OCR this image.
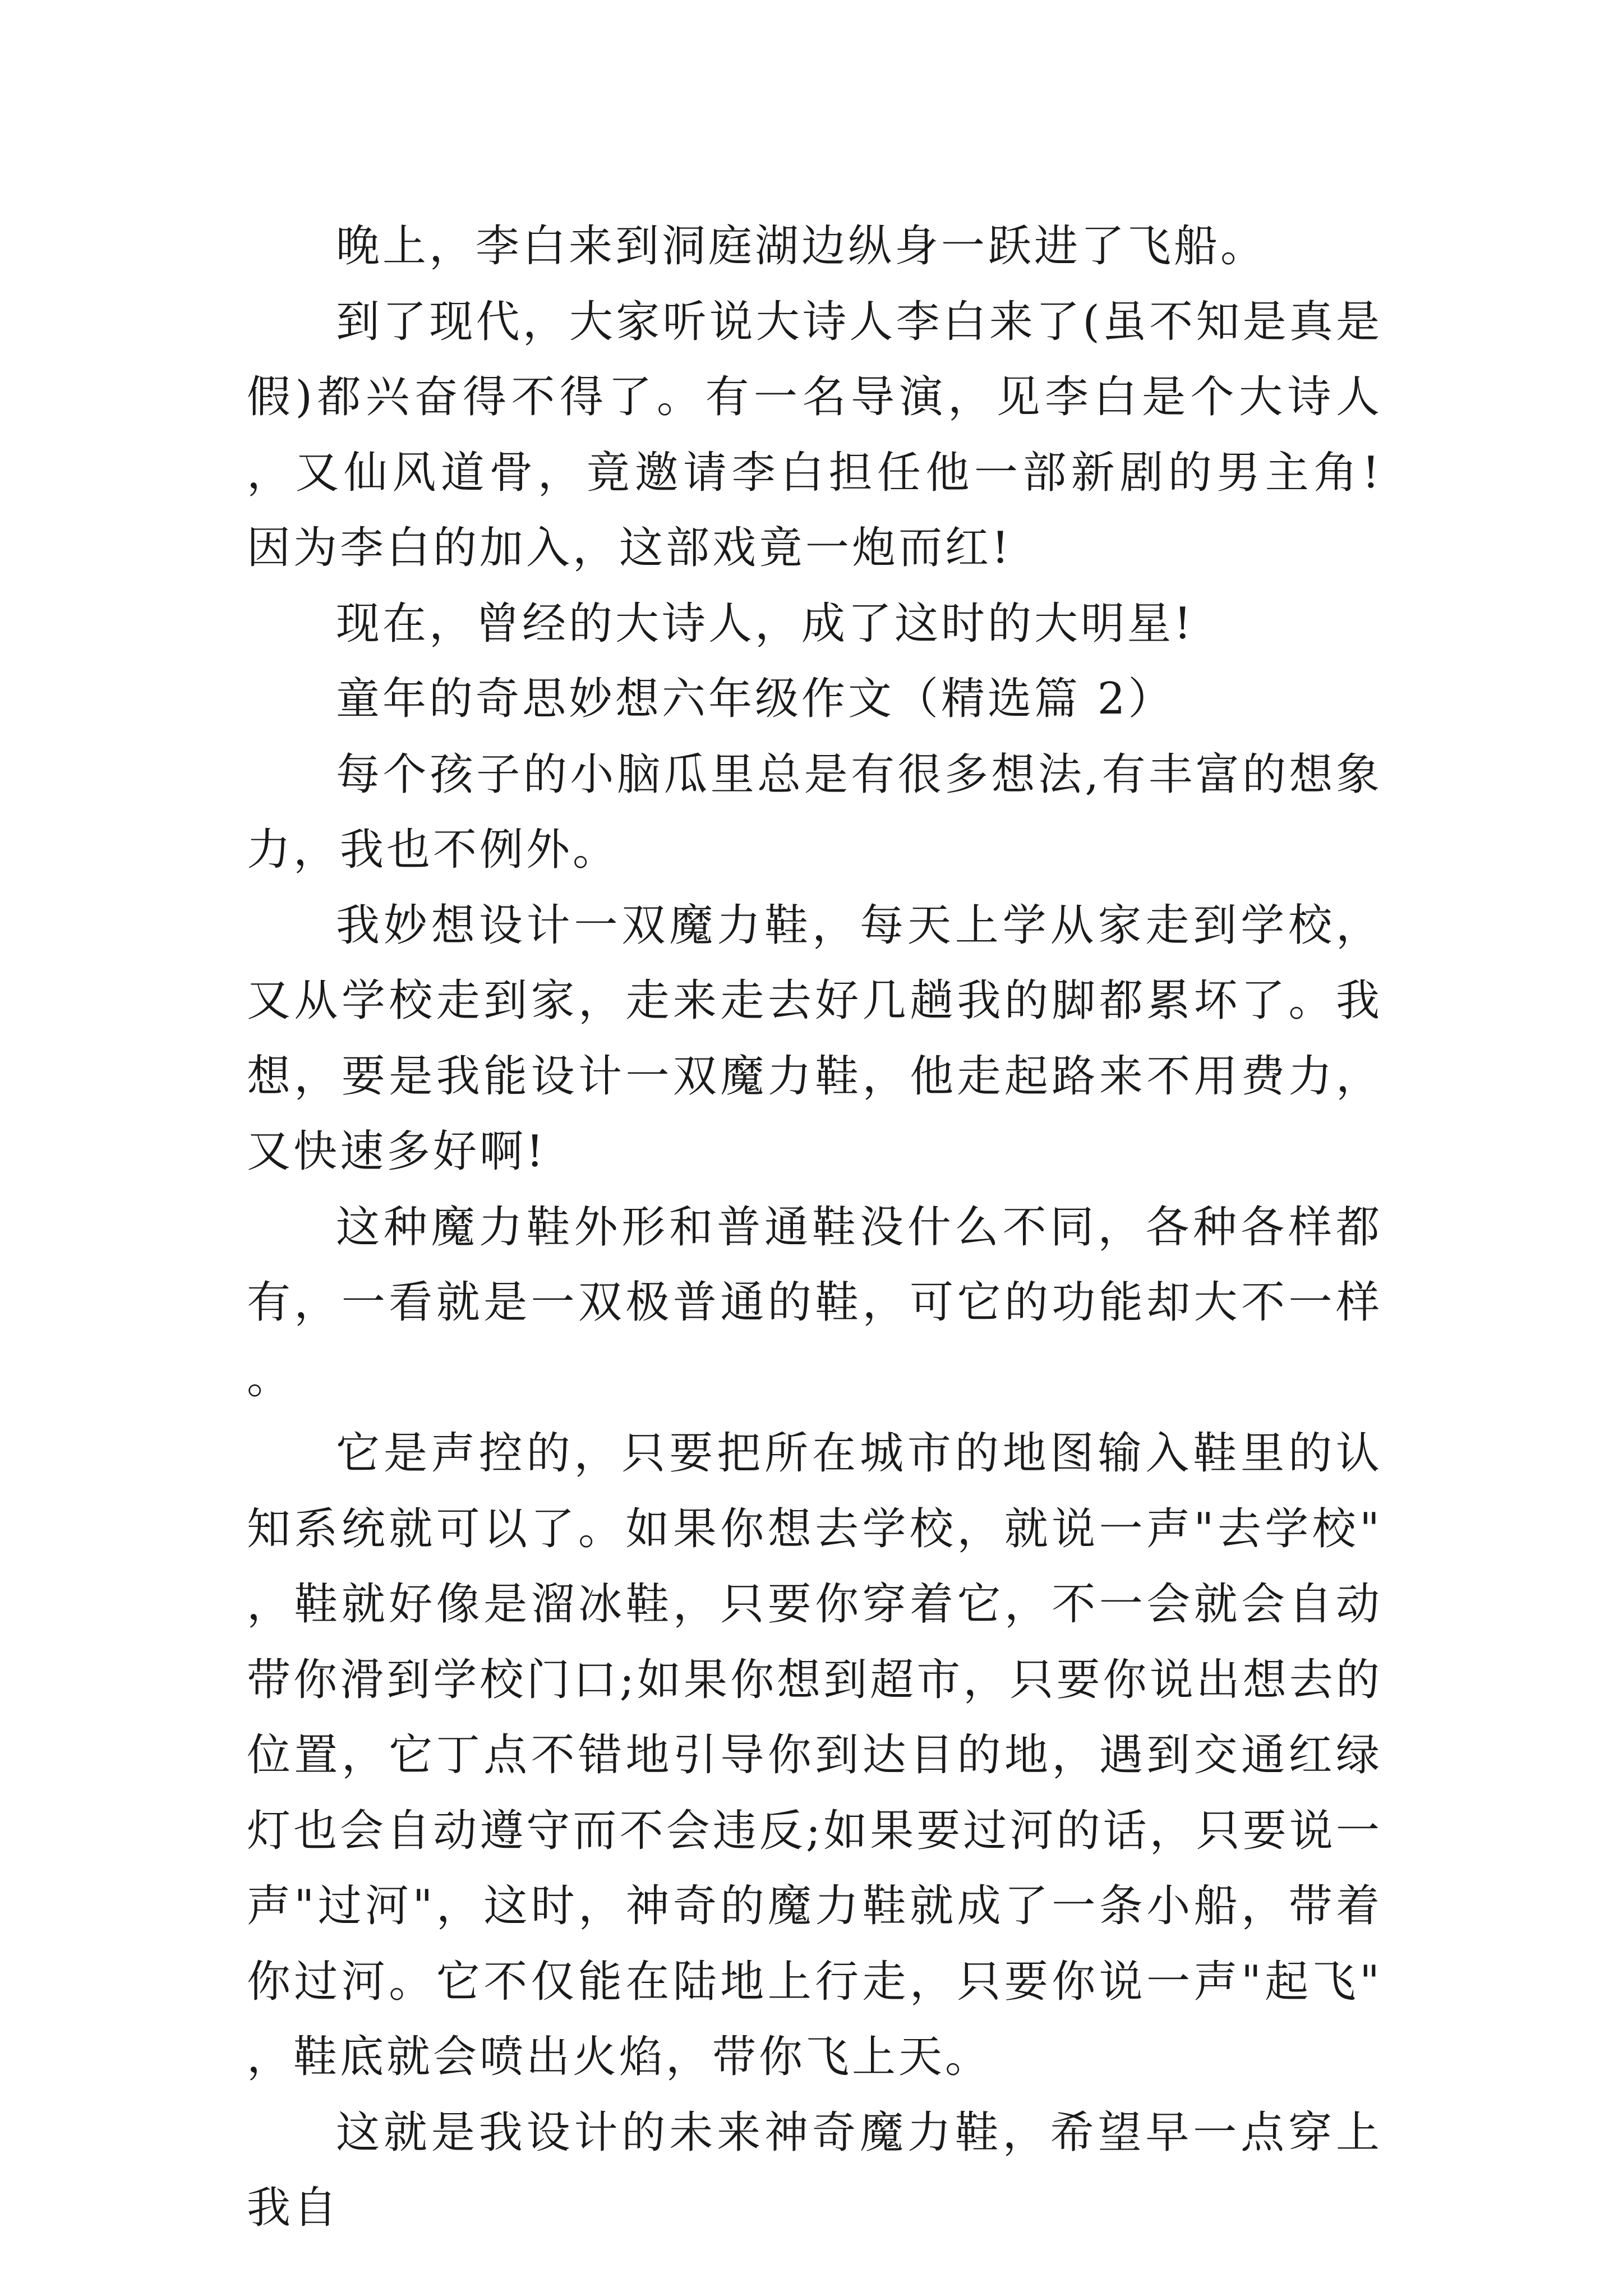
晚上，李白来到洞庭湖边纵身一跃进了飞船。

到了现代，大家听说大诗人李白来了(虽不知是真是假)都兴奋得不得了。有一名导演，见李白是个大诗人，又仙风道骨，竟邀请李白担任他一部新剧的男主角!因为李白的加入，这部戏竟一炮而红!

现在，曾经的大诗人，成了这时的大明星!

童年的奇思妙想六年级作文（精选篇 2）

每个孩子的小脑瓜里总是有很多想法,有丰富的想象力，我也不例外。

我妙想设计一双魔力鞋，每天上学从家走到学校，又从学校走到家，走来走去好几趟我的脚都累坏了。我想，要是我能设计一双魔力鞋，他走起路来不用费力，又快速多好啊!

这种魔力鞋外形和普通鞋没什么不同，各种各样都有，一看就是一双极普通的鞋，可它的功能却大不一样。

它是声控的，只要把所在城市的地图输入鞋里的认知系统就可以了。如果你想去学校，就说一声"去学校"，鞋就好像是溜冰鞋，只要你穿着它，不一会就会自动带你滑到学校门口;如果你想到超市，只要你说出想去的位置，它丁点不错地引导你到达目的地，遇到交通红绿灯也会自动遵守而不会违反;如果要过河的话，只要说一声"过河"，这时，神奇的魔力鞋就成了一条小船，带着你过河。它不仅能在陆地上行走，只要你说一声"起飞"，鞋底就会喷出火焰，带你飞上天。

这就是我设计的未来神奇魔力鞋，希望早一点穿上我自
